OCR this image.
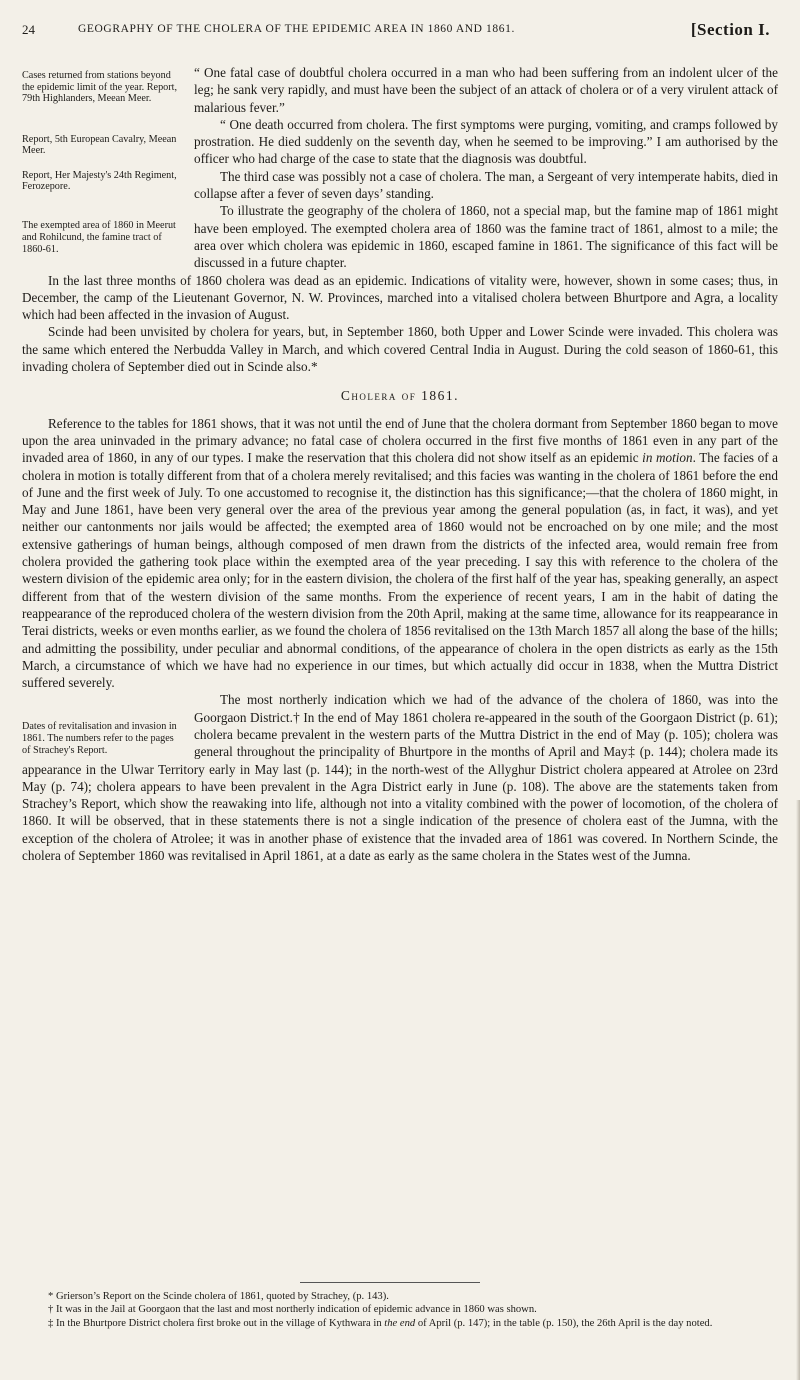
24	GEOGRAPHY OF THE CHOLERA OF THE EPIDEMIC AREA IN 1860 AND 1861.	[Section I.
Cases returned from stations beyond the epidemic limit of the year. Report, 79th Highlanders, Meean Meer.

“ One fatal case of doubtful cholera occurred in a man who had been suffering from an indolent ulcer of the leg; he sank very rapidly, and must have been the subject of an attack of cholera or of a very virulent attack of malarious fever.”

Report, 5th European Cavalry, Meean Meer.

“ One death occurred from cholera. The first symptoms were purging, vomiting, and cramps followed by prostration. He died suddenly on the seventh day, when he seemed to be improving.” I am authorised by the officer who had charge of the case to state that the diagnosis was doubtful.

Report, Her Majesty's 24th Regiment, Ferozepore.

The third case was possibly not a case of cholera. The man, a Sergeant of very intemperate habits, died in collapse after a fever of seven days’ standing.

The exempted area of 1860 in Meerut and Rohilcund, the famine tract of 1860-61.

To illustrate the geography of the cholera of 1860, not a special map, but the famine map of 1861 might have been employed. The exempted cholera area of 1860 was the famine tract of 1861, almost to a mile; the area over which cholera was epidemic in 1860, escaped famine in 1861. The significance of this fact will be discussed in a future chapter.

In the last three months of 1860 cholera was dead as an epidemic. Indications of vitality were, however, shown in some cases; thus, in December, the camp of the Lieutenant Governor, N. W. Provinces, marched into a vitalised cholera between Bhurtpore and Agra, a locality which had been affected in the invasion of August.

Scinde had been unvisited by cholera for years, but, in September 1860, both Upper and Lower Scinde were invaded. This cholera was the same which entered the Nerbudda Valley in March, and which covered Central India in August. During the cold season of 1860-61, this invading cholera of September died out in Scinde also.*

Cholera of 1861.

Reference to the tables for 1861 shows, that it was not until the end of June that the cholera dormant from September 1860 began to move upon the area uninvaded in the primary advance; no fatal case of cholera occurred in the first five months of 1861 even in any part of the invaded area of 1860, in any of our types. I make the reservation that this cholera did not show itself as an epidemic in motion. The facies of a cholera in motion is totally different from that of a cholera merely revitalised; and this facies was wanting in the cholera of 1861 before the end of June and the first week of July. To one accustomed to recognise it, the distinction has this significance;—that the cholera of 1860 might, in May and June 1861, have been very general over the area of the previous year among the general population (as, in fact, it was), and yet neither our cantonments nor jails would be affected; the exempted area of 1860 would not be encroached on by one mile; and the most extensive gatherings of human beings, although composed of men drawn from the districts of the infected area, would remain free from cholera provided the gathering took place within the exempted area of the year preceding. I say this with reference to the cholera of the western division of the epidemic area only; for in the eastern division, the cholera of the first half of the year has, speaking generally, an aspect different from that of the western division of the same months. From the experience of recent years, I am in the habit of dating the reappearance of the reproduced cholera of the western division from the 20th April, making at the same time, allowance for its reappearance in Terai districts, weeks or even months earlier, as we found the cholera of 1856 revitalised on the 13th March 1857 all along the base of the hills; and admitting the possibility, under peculiar and abnormal conditions, of the appearance of cholera in the open districts as early as the 15th March, a circumstance of which we have had no experience in our times, but which actually did occur in 1838, when the Muttra District suffered severely.

Dates of revitalisation and invasion in 1861. The numbers refer to the pages of Strachey's Report.

The most northerly indication which we had of the advance of the cholera of 1860, was into the Goorgaon District.† In the end of May 1861 cholera re-appeared in the south of the Goorgaon District (p. 61); cholera became prevalent in the western parts of the Muttra District in the end of May (p. 105); cholera was general throughout the principality of Bhurtpore in the months of April and May‡ (p. 144); cholera made its appearance in the Ulwar Territory early in May last (p. 144); in the north-west of the Allyghur District cholera appeared at Atrolee on 23rd May (p. 74); cholera appears to have been prevalent in the Agra District early in June (p. 108). The above are the statements taken from Strachey’s Report, which show the reawaking into life, although not into a vitality combined with the power of locomotion, of the cholera of 1860. It will be observed, that in these statements there is not a single indication of the presence of cholera east of the Jumna, with the exception of the cholera of Atrolee; it was in another phase of existence that the invaded area of 1861 was covered. In Northern Scinde, the cholera of September 1860 was revitalised in April 1861, at a date as early as the same cholera in the States west of the Jumna.

* Grierson’s Report on the Scinde cholera of 1861, quoted by Strachey, (p. 143).

† It was in the Jail at Goorgaon that the last and most northerly indication of epidemic advance in 1860 was shown.

‡ In the Bhurtpore District cholera first broke out in the village of Kythwara in the end of April (p. 147); in the table (p. 150), the 26th April is the day noted.
